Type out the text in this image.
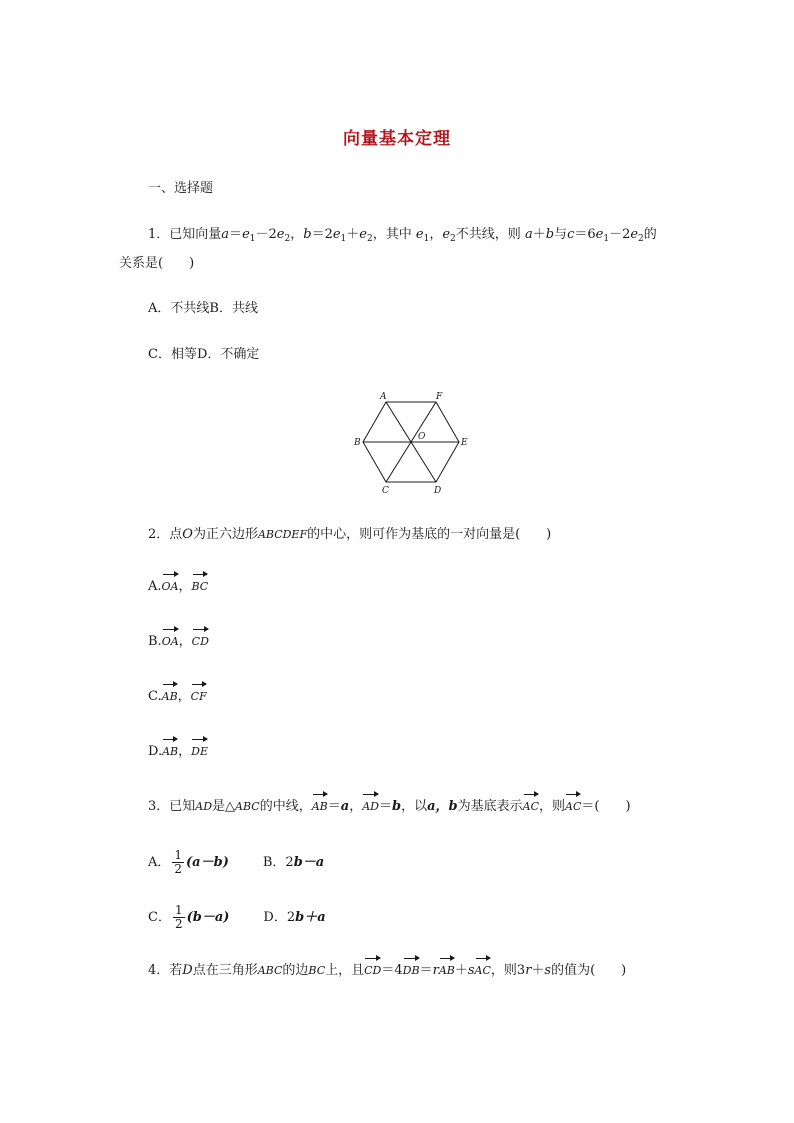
向量基本定理
一、选择题
1．已知向量$a=e_1-2e_2$，$b=2e_1+e_2$，其中 $e_1$，$e_2$不共线，则 a＋b与$c=6e_1-2e_2$的
关系是(　　)
A．不共线B．共线
C．相等D．不确定
A	F
B
O
E
C	D
2．点O为正六边形ABCDEF的中心，则可作为基底的一对向量是(　　)
A.OA，BC
B.OA，CD
C.AB，CF
D.AB，DE
3．已知AD是△ABC的中线，AB＝a，AD＝b，以a，b为基底表示AC，则AC＝(　　)
A． $\frac{1}{2} (a-b)$	B．2b－a
C． $\frac{1}{2} (b-a)$	D．2b＋a
4．若D点在三角形ABC的边BC上，且CD＝4DB＝rAB＋sAC，则3r＋s的值为(　　)
